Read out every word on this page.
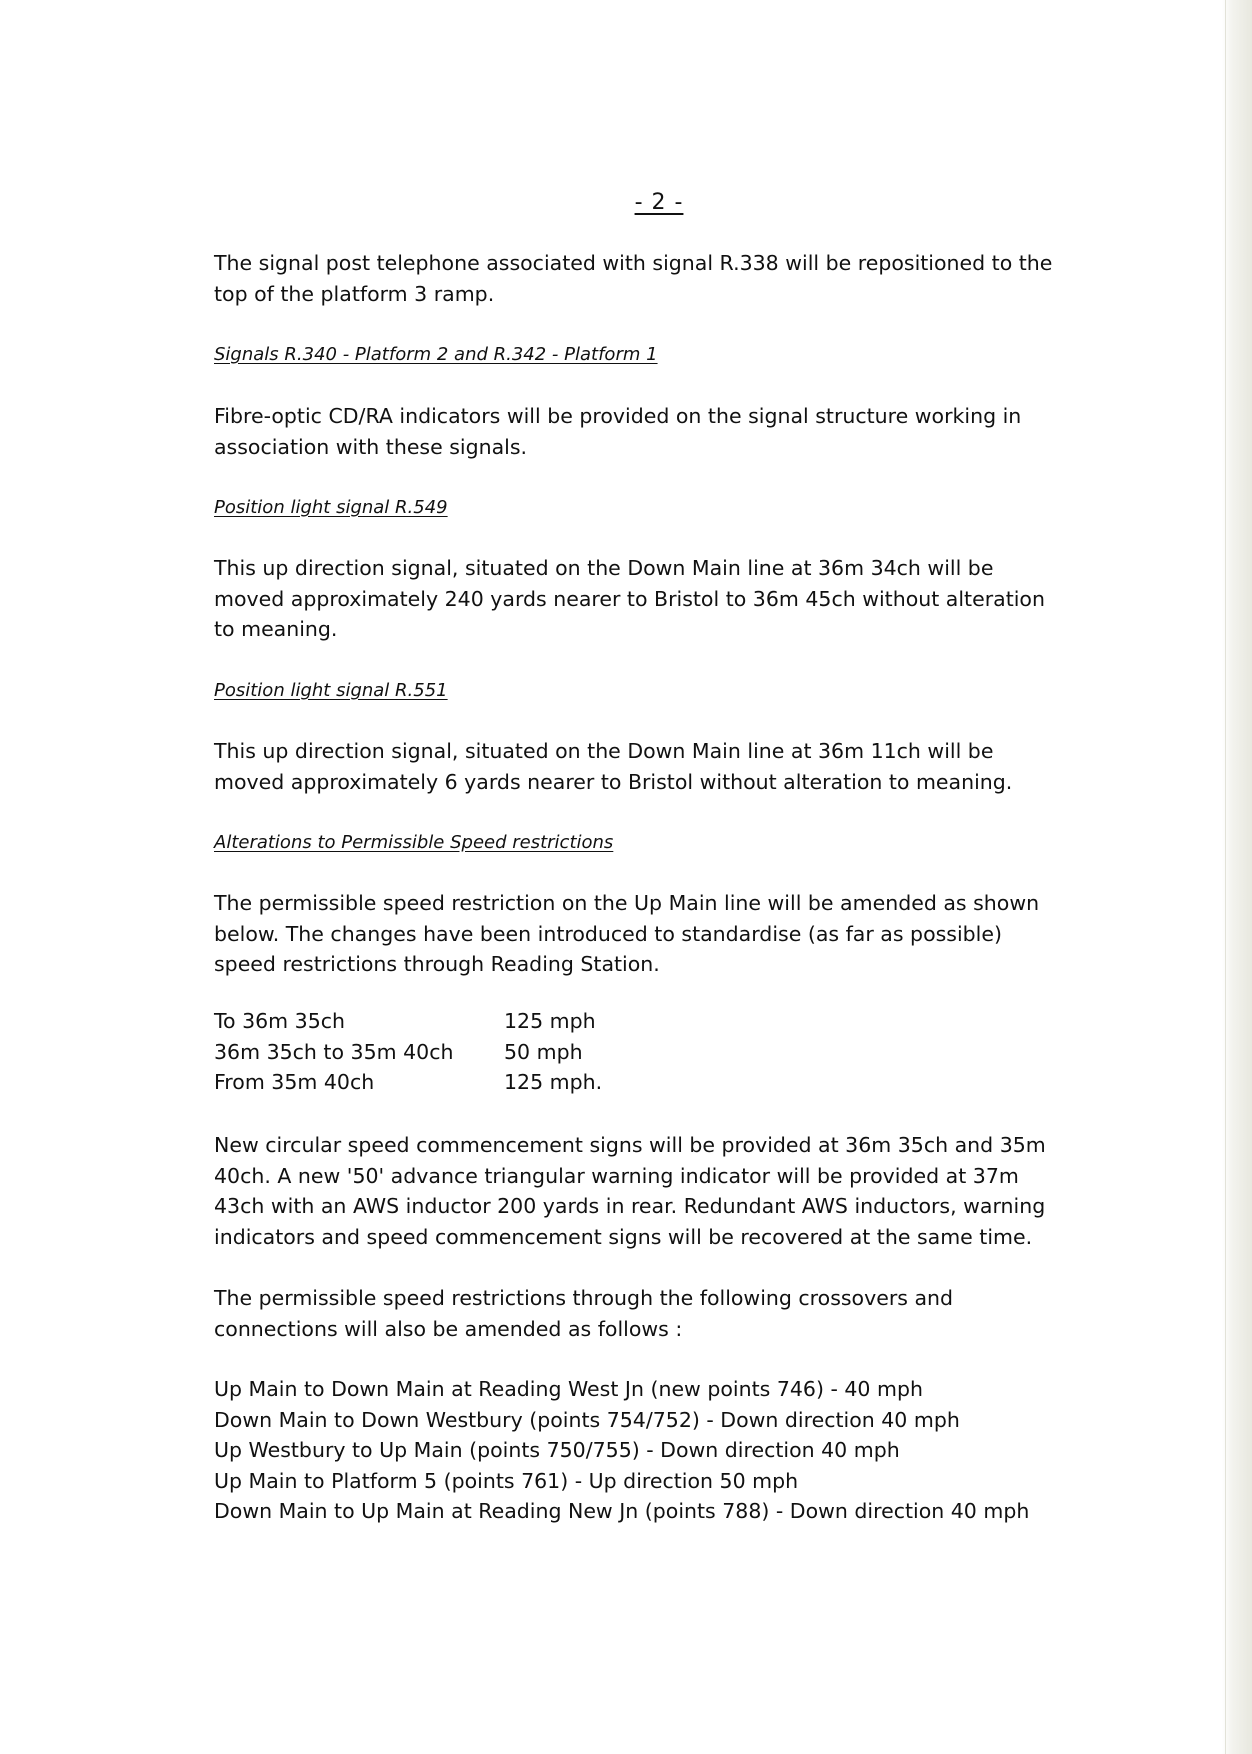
- 2 -

The signal post telephone associated with signal R.338 will be repositioned to the top of the platform 3 ramp.

Signals R.340 - Platform 2 and R.342 - Platform 1

Fibre-optic CD/RA indicators will be provided on the signal structure working in association with these signals.

Position light signal R.549

This up direction signal, situated on the Down Main line at 36m 34ch will be moved approximately 240 yards nearer to Bristol to 36m 45ch without alteration to meaning.

Position light signal R.551

This up direction signal, situated on the Down Main line at 36m 11ch will be moved approximately 6 yards nearer to Bristol without alteration to meaning.

Alterations to Permissible Speed restrictions

The permissible speed restriction on the Up Main line will be amended as shown below. The changes have been introduced to standardise (as far as possible) speed restrictions through Reading Station.

To 36m 35ch	125 mph
36m 35ch to 35m 40ch	50 mph
From 35m 40ch	125 mph.

New circular speed commencement signs will be provided at 36m 35ch and 35m 40ch. A new '50' advance triangular warning indicator will be provided at 37m 43ch with an AWS inductor 200 yards in rear. Redundant AWS inductors, warning indicators and speed commencement signs will be recovered at the same time.

The permissible speed restrictions through the following crossovers and connections will also be amended as follows :

Up Main to Down Main at Reading West Jn (new points 746) - 40 mph
Down Main to Down Westbury (points 754/752) - Down direction 40 mph
Up Westbury to Up Main (points 750/755) - Down direction 40 mph
Up Main to Platform 5 (points 761) - Up direction 50 mph
Down Main to Up Main at Reading New Jn (points 788) - Down direction 40 mph
